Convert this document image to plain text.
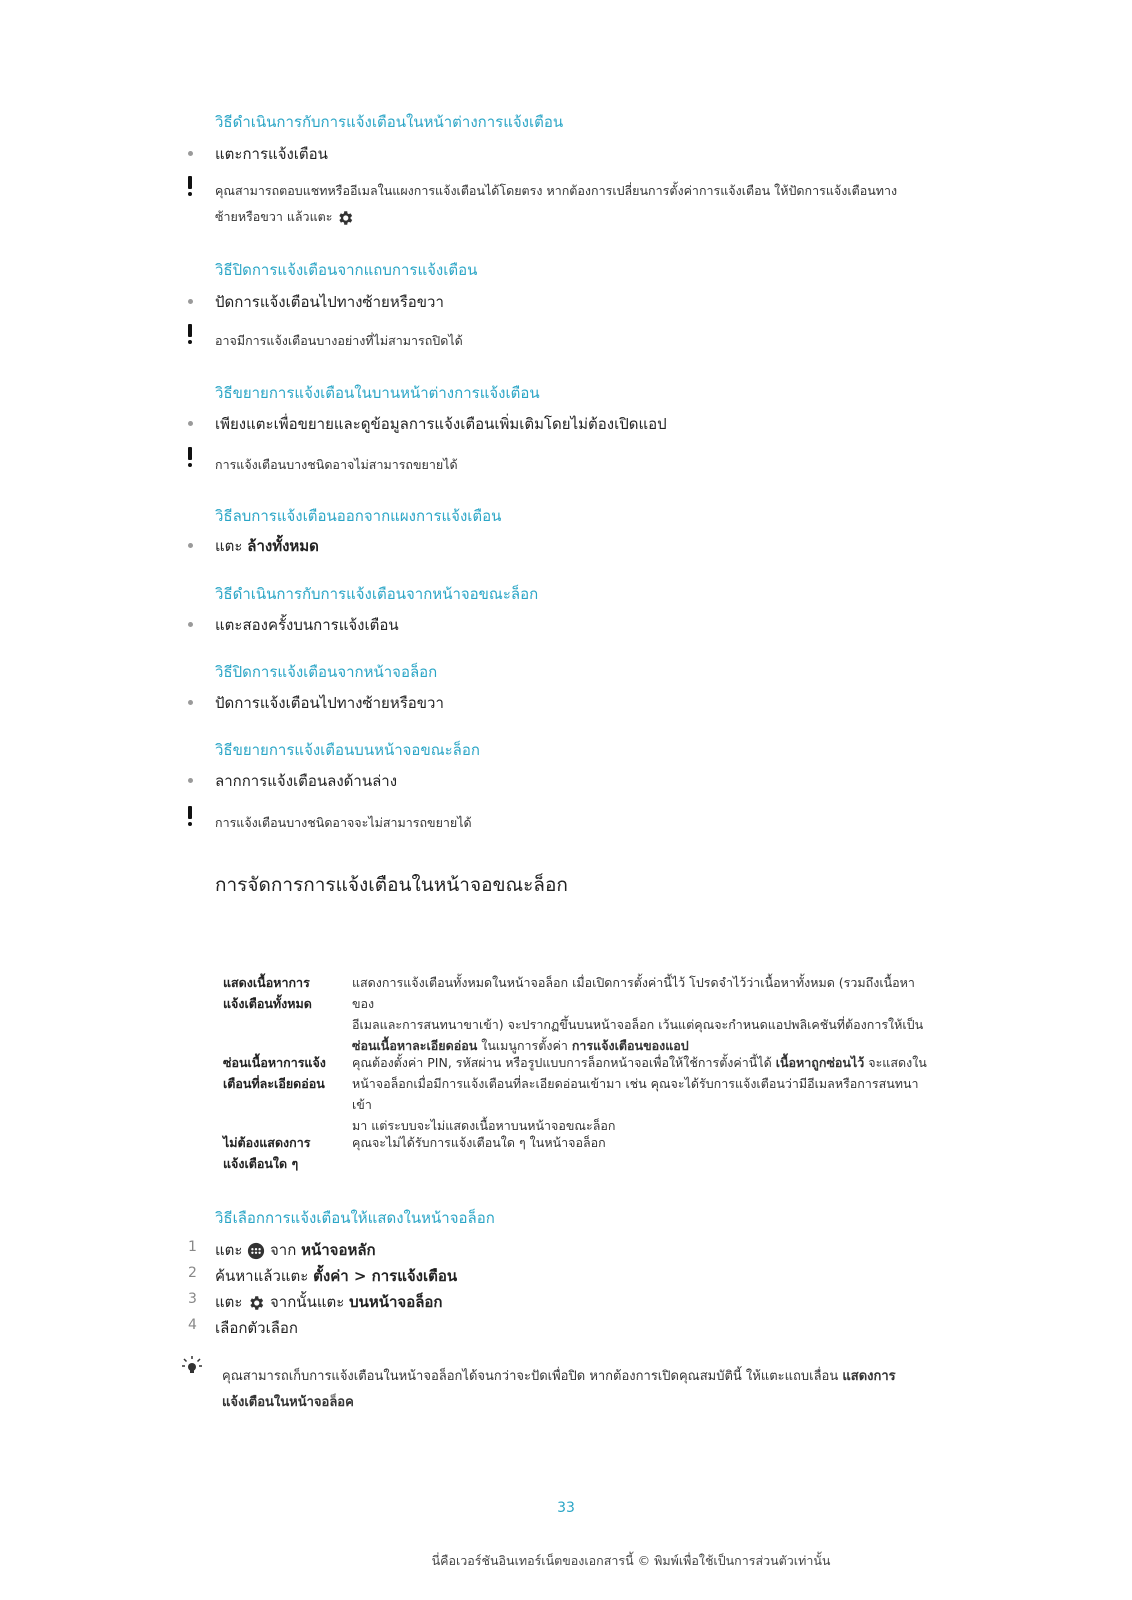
วิธีดำเนินการกับการแจ้งเตือนในหน้าต่างการแจ้งเตือน
แตะการแจ้งเตือน
คุณสามารถตอบแชทหรืออีเมลในแผงการแจ้งเตือนได้โดยตรง หากต้องการเปลี่ยนการตั้งค่าการแจ้งเตือน ให้ปัดการแจ้งเตือนทาง
ซ้ายหรือขวา แล้วแตะ
วิธีปิดการแจ้งเตือนจากแถบการแจ้งเตือน
ปัดการแจ้งเตือนไปทางซ้ายหรือขวา
อาจมีการแจ้งเตือนบางอย่างที่ไม่สามารถปิดได้
วิธีขยายการแจ้งเตือนในบานหน้าต่างการแจ้งเตือน
เพียงแตะเพื่อขยายและดูข้อมูลการแจ้งเตือนเพิ่มเติมโดยไม่ต้องเปิดแอป
การแจ้งเตือนบางชนิดอาจไม่สามารถขยายได้
วิธีลบการแจ้งเตือนออกจากแผงการแจ้งเตือน
แตะ ล้างทั้งหมด
วิธีดำเนินการกับการแจ้งเตือนจากหน้าจอขณะล็อก
แตะสองครั้งบนการแจ้งเตือน
วิธีปิดการแจ้งเตือนจากหน้าจอล็อก
ปัดการแจ้งเตือนไปทางซ้ายหรือขวา
วิธีขยายการแจ้งเตือนบนหน้าจอขณะล็อก
ลากการแจ้งเตือนลงด้านล่าง
การแจ้งเตือนบางชนิดอาจจะไม่สามารถขยายได้
การจัดการการแจ้งเตือนในหน้าจอขณะล็อก
แสดงเนื้อหาการ
แจ้งเตือนทั้งหมด
แสดงการแจ้งเตือนทั้งหมดในหน้าจอล็อก เมื่อเปิดการตั้งค่านี้ไว้ โปรดจำไว้ว่าเนื้อหาทั้งหมด (รวมถึงเนื้อหาของ
อีเมลและการสนทนาขาเข้า) จะปรากฏขึ้นบนหน้าจอล็อก เว้นแต่คุณจะกำหนดแอปพลิเคชันที่ต้องการให้เป็น
ซ่อนเนื้อหาละเอียดอ่อน ในเมนูการตั้งค่า การแจ้งเตือนของแอป
ซ่อนเนื้อหาการแจ้ง
เตือนที่ละเอียดอ่อน
คุณต้องตั้งค่า PIN, รหัสผ่าน หรือรูปแบบการล็อกหน้าจอเพื่อให้ใช้การตั้งค่านี้ได้ เนื้อหาถูกซ่อนไว้ จะแสดงใน
หน้าจอล็อกเมื่อมีการแจ้งเตือนที่ละเอียดอ่อนเข้ามา เช่น คุณจะได้รับการแจ้งเตือนว่ามีอีเมลหรือการสนทนาเข้า
มา แต่ระบบจะไม่แสดงเนื้อหาบนหน้าจอขณะล็อก
ไม่ต้องแสดงการ
แจ้งเตือนใด ๆ
คุณจะไม่ได้รับการแจ้งเตือนใด ๆ ในหน้าจอล็อก
วิธีเลือกการแจ้งเตือนให้แสดงในหน้าจอล็อก
1 แตะ  จาก หน้าจอหลัก
2 ค้นหาแล้วแตะ ตั้งค่า > การแจ้งเตือน
3 แตะ  จากนั้นแตะ บนหน้าจอล็อก
4 เลือกตัวเลือก
คุณสามารถเก็บการแจ้งเตือนในหน้าจอล็อกได้จนกว่าจะปัดเพื่อปิด หากต้องการเปิดคุณสมบัตินี้ ให้แตะแถบเลื่อน แสดงการ
แจ้งเตือนในหน้าจอล็อค
33
นี่คือเวอร์ชันอินเทอร์เน็ตของเอกสารนี้ © พิมพ์เพื่อใช้เป็นการส่วนตัวเท่านั้น
